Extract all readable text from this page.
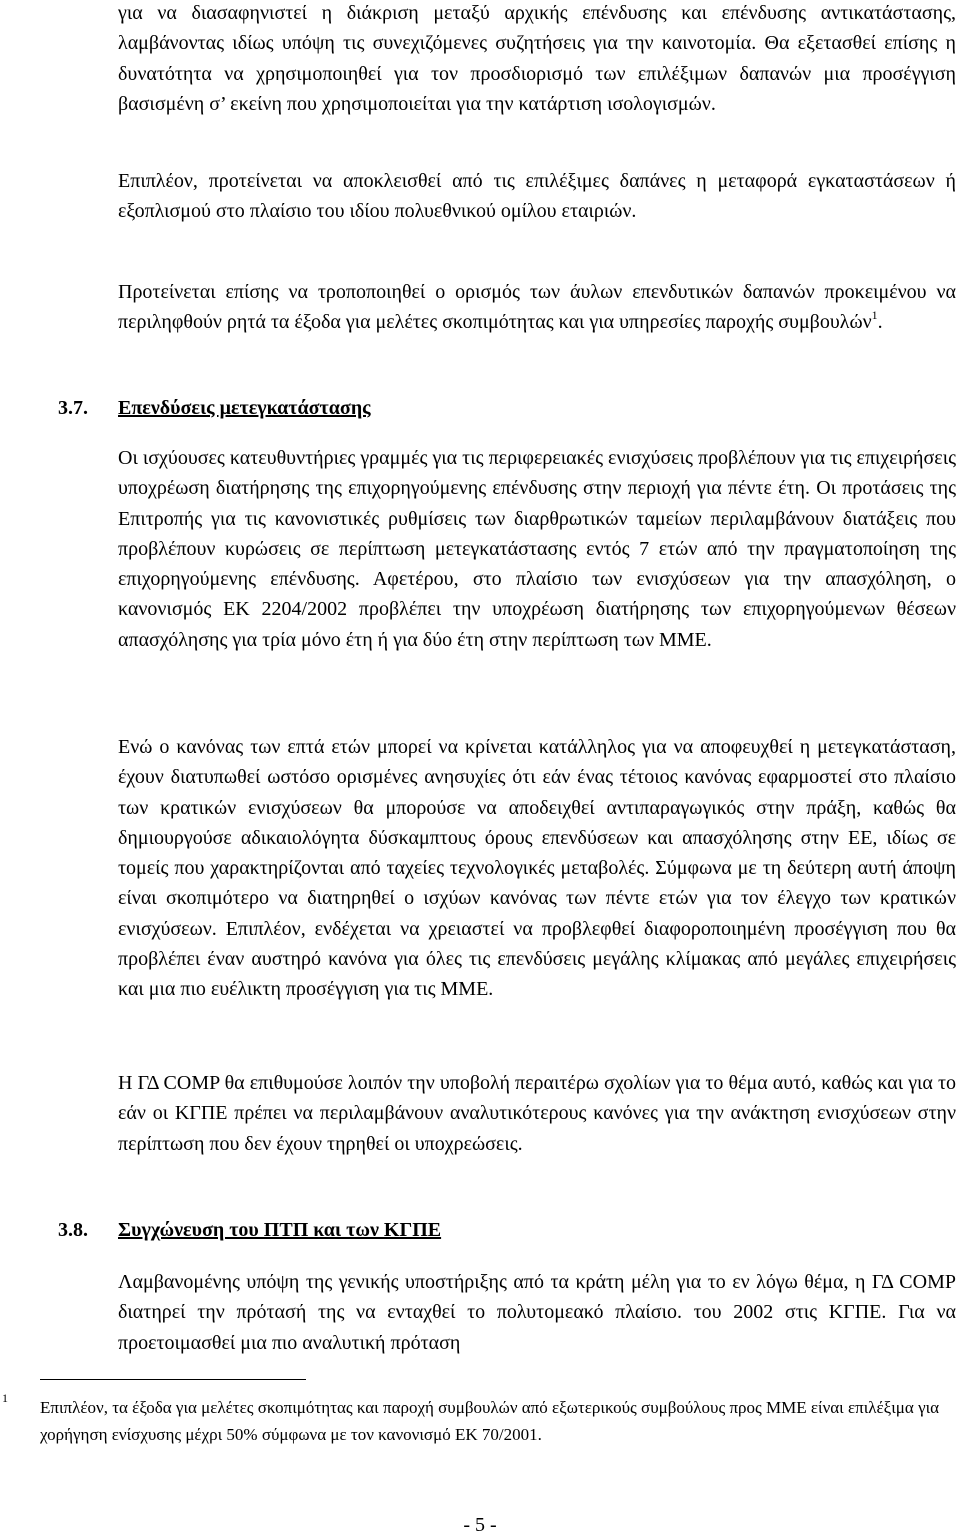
για να διασαφηνιστεί η διάκριση μεταξύ αρχικής επένδυσης και επένδυσης αντικατάστασης, λαμβάνοντας ιδίως υπόψη τις συνεχιζόμενες συζητήσεις για την καινοτομία. Θα εξετασθεί επίσης η δυνατότητα να χρησιμοποιηθεί για τον προσδιορισμό των επιλέξιμων δαπανών μια προσέγγιση βασισμένη σ’ εκείνη που χρησιμοποιείται για την κατάρτιση ισολογισμών.

Επιπλέον, προτείνεται να αποκλεισθεί από τις επιλέξιμες δαπάνες η μεταφορά εγκαταστάσεων ή εξοπλισμού στο πλαίσιο του ιδίου πολυεθνικού ομίλου εταιριών.

Προτείνεται επίσης να τροποποιηθεί ο ορισμός των άυλων επενδυτικών δαπανών προκειμένου να περιληφθούν ρητά τα έξοδα για μελέτες σκοπιμότητας και για υπηρεσίες παροχής συμβουλών$^1$.

3.7. Επενδύσεις μετεγκατάστασης

Οι ισχύουσες κατευθυντήριες γραμμές για τις περιφερειακές ενισχύσεις προβλέπουν για τις επιχειρήσεις υποχρέωση διατήρησης της επιχορηγούμενης επένδυσης στην περιοχή για πέντε έτη. Οι προτάσεις της Επιτροπής για τις κανονιστικές ρυθμίσεις των διαρθρωτικών ταμείων περιλαμβάνουν διατάξεις που προβλέπουν κυρώσεις σε περίπτωση μετεγκατάστασης εντός 7 ετών από την πραγματοποίηση της επιχορηγούμενης επένδυσης. Αφετέρου, στο πλαίσιο των ενισχύσεων για την απασχόληση, ο κανονισμός ΕΚ 2204/2002 προβλέπει την υποχρέωση διατήρησης των επιχορηγούμενων θέσεων απασχόλησης για τρία μόνο έτη ή για δύο έτη στην περίπτωση των ΜΜΕ.

Ενώ ο κανόνας των επτά ετών μπορεί να κρίνεται κατάλληλος για να αποφευχθεί η μετεγκατάσταση, έχουν διατυπωθεί ωστόσο ορισμένες ανησυχίες ότι εάν ένας τέτοιος κανόνας εφαρμοστεί στο πλαίσιο των κρατικών ενισχύσεων θα μπορούσε να αποδειχθεί αντιπαραγωγικός στην πράξη, καθώς θα δημιουργούσε αδικαιολόγητα δύσκαμπτους όρους επενδύσεων και απασχόλησης στην ΕΕ, ιδίως σε τομείς που χαρακτηρίζονται από ταχείες τεχνολογικές μεταβολές. Σύμφωνα με τη δεύτερη αυτή άποψη είναι σκοπιμότερο να διατηρηθεί ο ισχύων κανόνας των πέντε ετών για τον έλεγχο των κρατικών ενισχύσεων. Επιπλέον, ενδέχεται να χρειαστεί να προβλεφθεί διαφοροποιημένη προσέγγιση που θα προβλέπει έναν αυστηρό κανόνα για όλες τις επενδύσεις μεγάλης κλίμακας από μεγάλες επιχειρήσεις και μια πιο ευέλικτη προσέγγιση για τις ΜΜΕ.

Η ΓΔ COMP θα επιθυμούσε λοιπόν την υποβολή περαιτέρω σχολίων για το θέμα αυτό, καθώς και για το εάν οι ΚΓΠΕ πρέπει να περιλαμβάνουν αναλυτικότερους κανόνες για την ανάκτηση ενισχύσεων στην περίπτωση που δεν έχουν τηρηθεί οι υποχρεώσεις.

3.8. Συγχώνευση του ΠΤΠ και των ΚΓΠΕ

Λαμβανομένης υπόψη της γενικής υποστήριξης από τα κράτη μέλη για το εν λόγω θέμα, η ΓΔ COMP διατηρεί την πρότασή της να ενταχθεί το πολυτομεακό πλαίσιο. του 2002 στις ΚΓΠΕ. Για να προετοιμασθεί μια πιο αναλυτική πρόταση

1 Επιπλέον, τα έξοδα για μελέτες σκοπιμότητας και παροχή συμβουλών από εξωτερικούς συμβούλους προς ΜΜΕ είναι επιλέξιμα για χορήγηση ενίσχυσης μέχρι 50% σύμφωνα με τον κανονισμό ΕΚ 70/2001.

- 5 -
